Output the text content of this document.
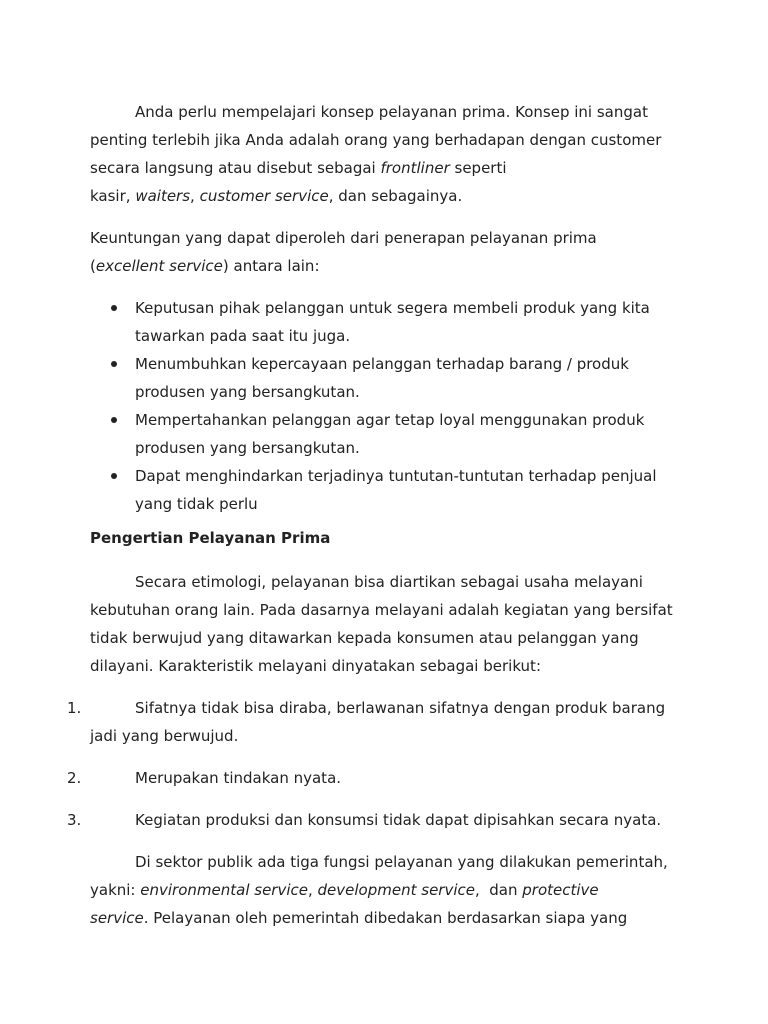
Anda perlu mempelajari konsep pelayanan prima. Konsep ini sangat

penting terlebih jika Anda adalah orang yang berhadapan dengan customer

secara langsung atau disebut sebagai frontliner seperti

kasir, waiters, customer service, dan sebagainya.

Keuntungan yang dapat diperoleh dari penerapan pelayanan prima

(excellent service) antara lain:

Keputusan pihak pelanggan untuk segera membeli produk yang kita

tawarkan pada saat itu juga.

Menumbuhkan kepercayaan pelanggan terhadap barang / produk

produsen yang bersangkutan.

Mempertahankan pelanggan agar tetap loyal menggunakan produk

produsen yang bersangkutan.

Dapat menghindarkan terjadinya tuntutan-tuntutan terhadap penjual

yang tidak perlu

Pengertian Pelayanan Prima

Secara etimologi, pelayanan bisa diartikan sebagai usaha melayani

kebutuhan orang lain. Pada dasarnya melayani adalah kegiatan yang bersifat

tidak berwujud yang ditawarkan kepada konsumen atau pelanggan yang

dilayani. Karakteristik melayani dinyatakan sebagai berikut:

1.	Sifatnya tidak bisa diraba, berlawanan sifatnya dengan produk barang

jadi yang berwujud.

2.	Merupakan tindakan nyata.

3.	Kegiatan produksi dan konsumsi tidak dapat dipisahkan secara nyata.

Di sektor publik ada tiga fungsi pelayanan yang dilakukan pemerintah,

yakni: environmental service, development service,  dan protective

service. Pelayanan oleh pemerintah dibedakan berdasarkan siapa yang
